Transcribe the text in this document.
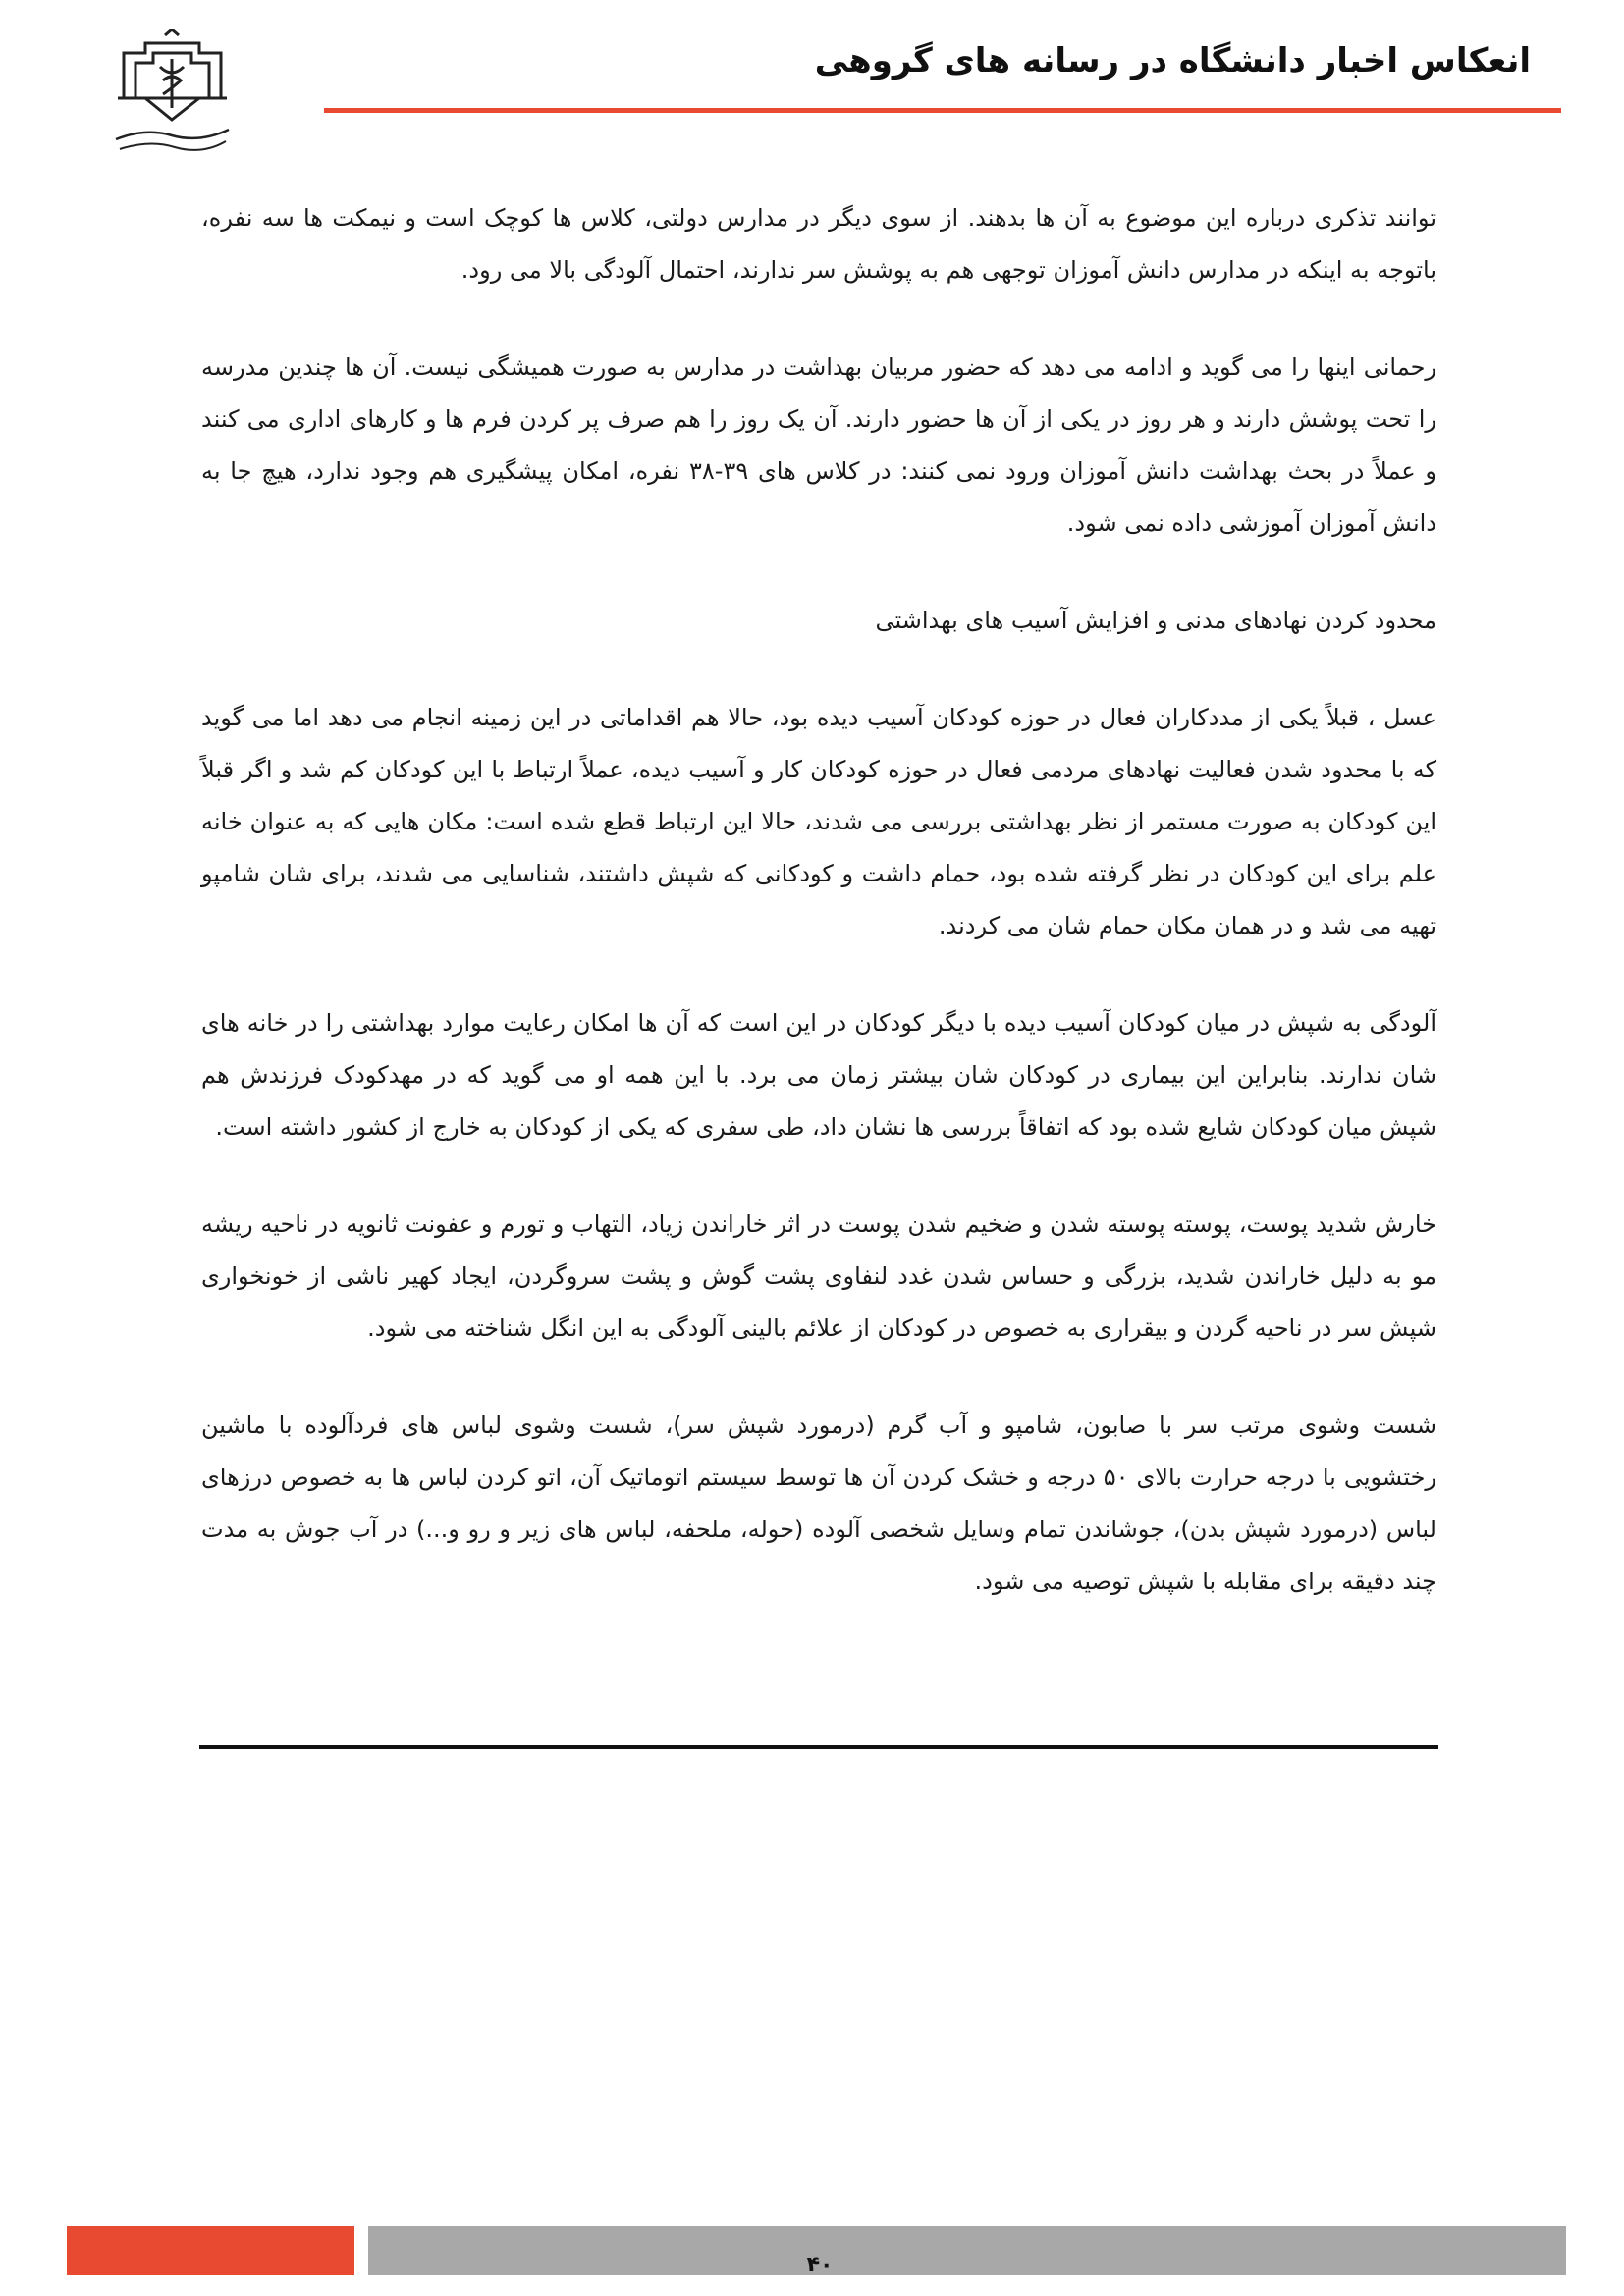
انعکاس اخبار دانشگاه در رسانه های گروهی

توانند تذکری درباره این موضوع به آن ها بدهند. از سوی دیگر در مدارس دولتی، کلاس ها کوچک است و نیمکت ها سه نفره، باتوجه به اینکه در مدارس دانش آموزان توجهی هم به پوشش سر ندارند، احتمال آلودگی بالا می رود.

رحمانی اینها را می گوید و ادامه می دهد که حضور مربیان بهداشت در مدارس به صورت همیشگی نیست. آن ها چندین مدرسه را تحت پوشش دارند و هر روز در یکی از آن ها حضور دارند. آن یک روز را هم صرف پر کردن فرم ها و کارهای اداری می کنند و عملاً در بحث بهداشت دانش آموزان ورود نمی کنند: در کلاس های ۳۹-۳۸ نفره، امکان پیشگیری هم وجود ندارد، هیچ جا به دانش آموزان آموزشی داده نمی شود.

محدود کردن نهادهای مدنی و افزایش آسیب های بهداشتی

عسل ، قبلاً یکی از مددکاران فعال در حوزه کودکان آسیب دیده بود، حالا هم اقداماتی در این زمینه انجام می دهد اما می گوید که با محدود شدن فعالیت نهادهای مردمی فعال در حوزه کودکان کار و آسیب دیده، عملاً ارتباط با این کودکان کم شد و اگر قبلاً این کودکان به صورت مستمر از نظر بهداشتی بررسی می شدند، حالا این ارتباط قطع شده است: مکان هایی که به عنوان خانه علم برای این کودکان در نظر گرفته شده بود، حمام داشت و کودکانی که شپش داشتند، شناسایی می شدند، برای شان شامپو تهیه می شد و در همان مکان حمام شان می کردند.

آلودگی به شپش در میان کودکان آسیب دیده با دیگر کودکان در این است که آن ها امکان رعایت موارد بهداشتی را در خانه های شان ندارند. بنابراین این بیماری در کودکان شان بیشتر زمان می برد. با این همه او می گوید که در مهدکودک فرزندش هم شپش میان کودکان شایع شده بود که اتفاقاً بررسی ها نشان داد، طی سفری که یکی از کودکان به خارج از کشور داشته است.

خارش شدید پوست، پوسته پوسته شدن و ضخیم شدن پوست در اثر خاراندن زیاد، التهاب و تورم و عفونت ثانویه در ناحیه ریشه مو به دلیل خاراندن شدید، بزرگی و حساس شدن غدد لنفاوی پشت گوش و پشت سروگردن، ایجاد کهیر ناشی از خونخواری شپش سر در ناحیه گردن و بیقراری به خصوص در کودکان از علائم بالینی آلودگی به این انگل شناخته می شود.

شست وشوی مرتب سر با صابون، شامپو و آب گرم (درمورد شپش سر)، شست وشوی لباس های فردآلوده با ماشین رختشویی با درجه حرارت بالای ۵۰ درجه و خشک کردن آن ها توسط سیستم اتوماتیک آن، اتو کردن لباس ها به خصوص درزهای لباس (درمورد شپش بدن)، جوشاندن تمام وسایل شخصی آلوده (حوله، ملحفه، لباس های زیر و رو و...) در آب جوش به مدت چند دقیقه برای مقابله با شپش توصیه می شود.

۴۰
